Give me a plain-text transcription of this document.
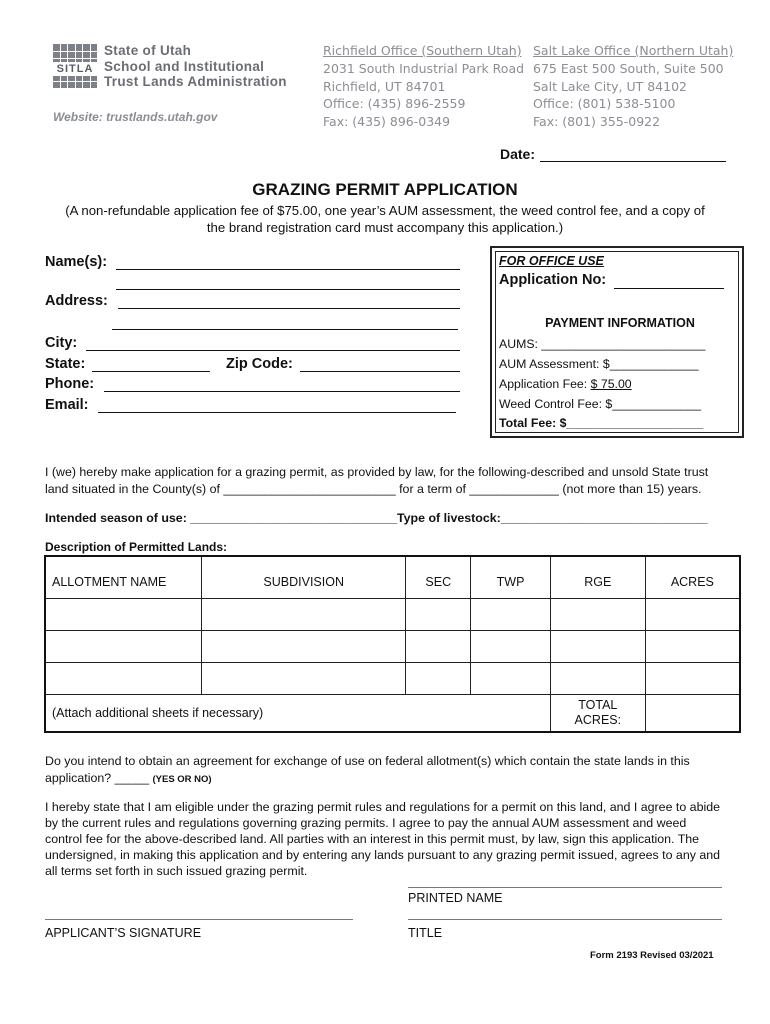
SITLA
State of Utah
School and Institutional
Trust Lands Administration
Website: trustlands.utah.gov
Richfield Office (Southern Utah)
2031 South Industrial Park Road
Richfield, UT 84701
Office: (435) 896-2559
Fax: (435) 896-0349
Salt Lake Office (Northern Utah)
675 East 500 South, Suite 500
Salt Lake City, UT 84102
Office: (801) 538-5100
Fax: (801) 355-0922
Date:
GRAZING PERMIT APPLICATION
(A non-refundable application fee of $75.00, one year’s AUM assessment, the weed control fee, and a copy of
the brand registration card must accompany this application.)
Name(s):
Address:
City:
State:	Zip Code:
Phone:
Email:
FOR OFFICE USE
Application No:
PAYMENT INFORMATION
AUMS: ________________________
AUM Assessment: $_____________
Application Fee: $ 75.00
Weed Control Fee: $_____________
Total Fee: $____________________
I (we) hereby make application for a grazing permit, as provided by law, for the following-described and unsold State trust
land situated in the County(s) of _________________________ for a term of _____________ (not more than 15) years.
Intended season of use: ______________________________Type of livestock:______________________________
Description of Permitted Lands:
ALLOTMENT NAME	SUBDIVISION	SEC	TWP	RGE	ACRES

(Attach additional sheets if necessary)				TOTAL
ACRES:	

Do you intend to obtain an agreement for exchange of use on federal allotment(s) which contain the state lands in this
application? _____ (YES OR NO)
I hereby state that I am eligible under the grazing permit rules and regulations for a permit on this land, and I agree to abide
by the current rules and regulations governing grazing permits. I agree to pay the annual AUM assessment and weed
control fee for the above-described land. All parties with an interest in this permit must, by law, sign this application. The
undersigned, in making this application and by entering any lands pursuant to any grazing permit issued, agrees to any and
all terms set forth in such issued grazing permit.
PRINTED NAME
APPLICANT’S SIGNATURE	TITLE
Form 2193 Revised 03/2021
